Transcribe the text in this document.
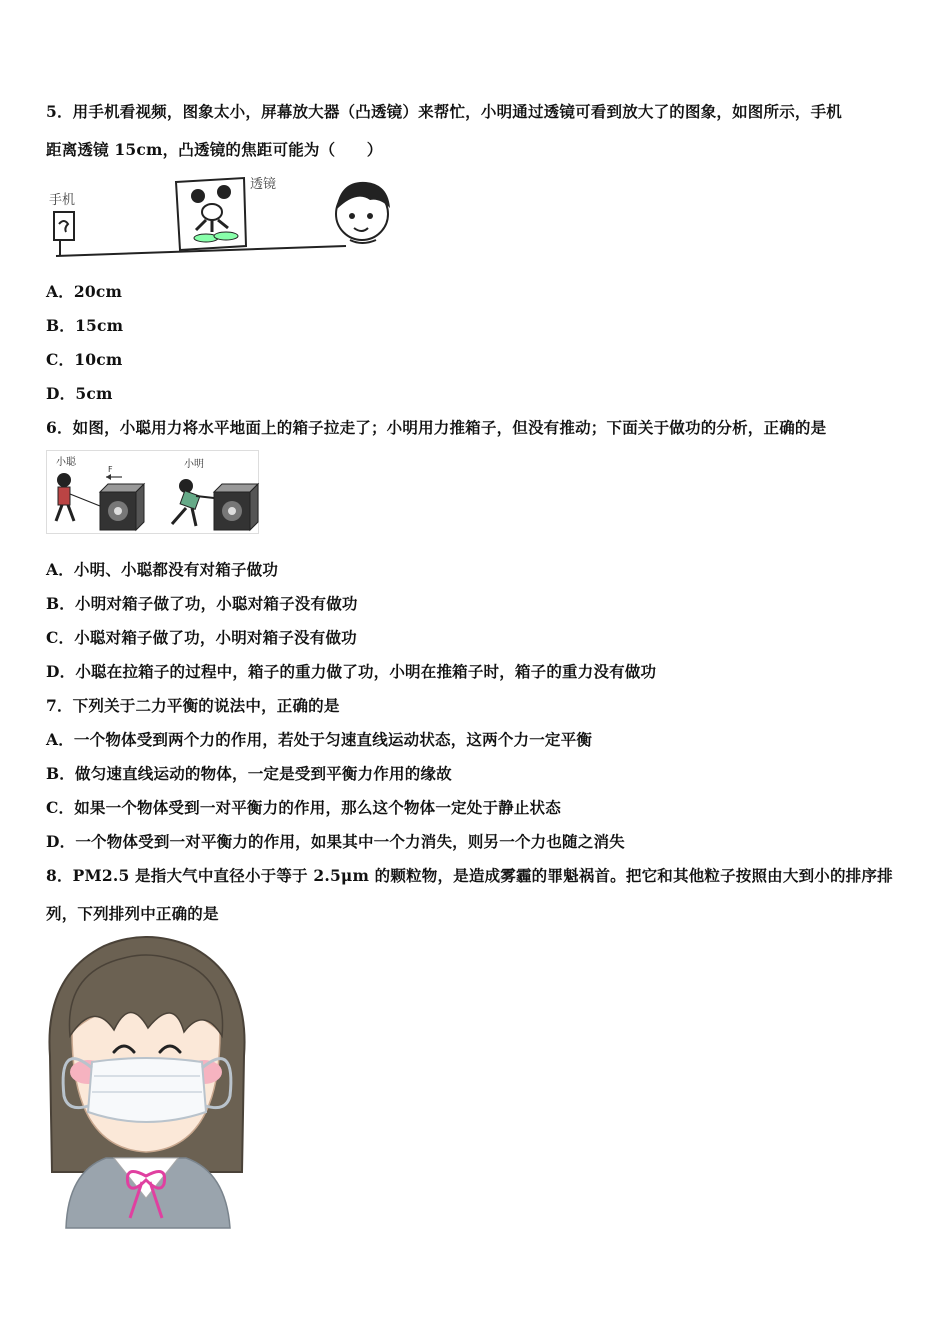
5．用手机看视频，图象太小，屏幕放大器（凸透镜）来帮忙，小明通过透镜可看到放大了的图象，如图所示，手机
距离透镜 15cm，凸透镜的焦距可能为（　　）
手机
透镜
A．20cm
B．15cm
C．10cm
D．5cm
6．如图，小聪用力将水平地面上的箱子拉走了；小明用力推箱子，但没有推动；下面关于做功的分析，正确的是
小聪	小明
F
A．小明、小聪都没有对箱子做功
B．小明对箱子做了功，小聪对箱子没有做功
C．小聪对箱子做了功，小明对箱子没有做功
D．小聪在拉箱子的过程中，箱子的重力做了功，小明在推箱子时，箱子的重力没有做功
7．下列关于二力平衡的说法中，正确的是
A．一个物体受到两个力的作用，若处于匀速直线运动状态，这两个力一定平衡
B．做匀速直线运动的物体，一定是受到平衡力作用的缘故
C．如果一个物体受到一对平衡力的作用，那么这个物体一定处于静止状态
D．一个物体受到一对平衡力的作用，如果其中一个力消失，则另一个力也随之消失
8．PM2.5 是指大气中直径小于等于 2.5μm 的颗粒物，是造成雾霾的罪魁祸首。把它和其他粒子按照由大到小的排序排
列，下列排列中正确的是
